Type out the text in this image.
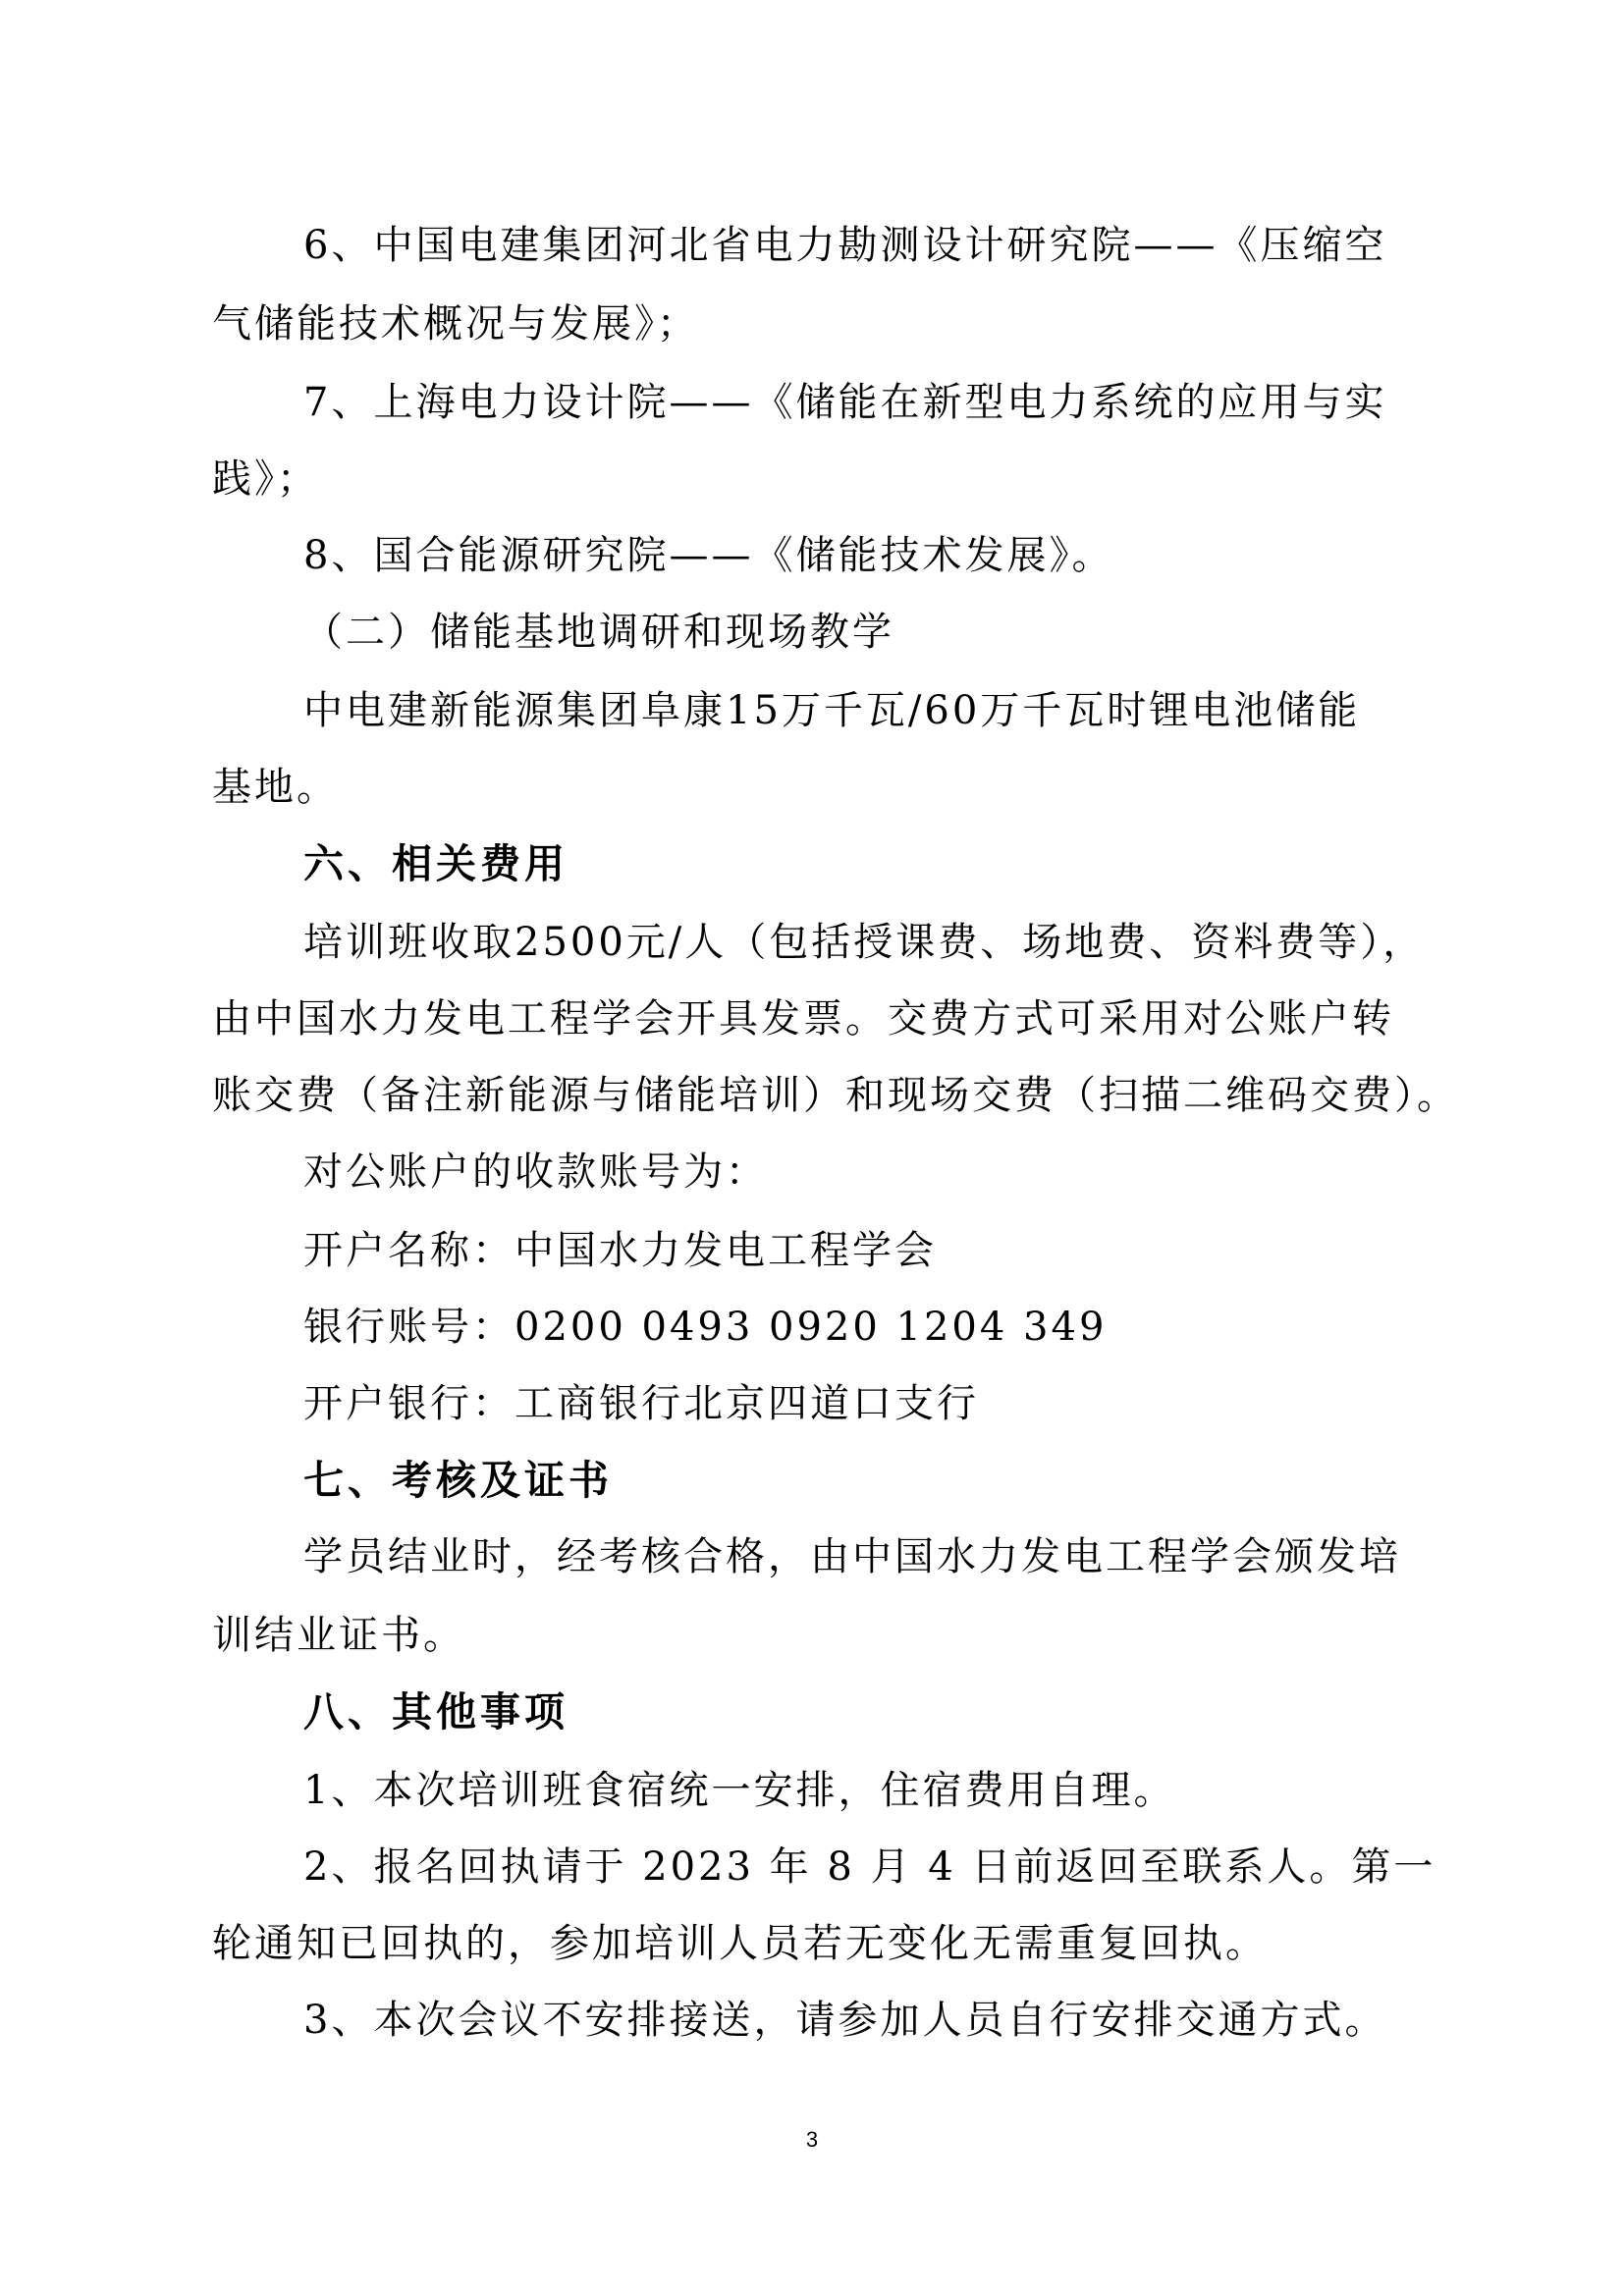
6、中国电建集团河北省电力勘测设计研究院——《压缩空
气储能技术概况与发展》；
7、上海电力设计院——《储能在新型电力系统的应用与实
践》；
8、国合能源研究院——《储能技术发展》。
（二）储能基地调研和现场教学
中电建新能源集团阜康15万千瓦/60万千瓦时锂电池储能
基地。
六、相关费用
培训班收取2500元/人（包括授课费、场地费、资料费等），
由中国水力发电工程学会开具发票。交费方式可采用对公账户转
账交费（备注新能源与储能培训）和现场交费（扫描二维码交费）。
对公账户的收款账号为：
开户名称：中国水力发电工程学会
银行账号：0200 0493 0920 1204 349
开户银行：工商银行北京四道口支行
七、考核及证书
学员结业时，经考核合格，由中国水力发电工程学会颁发培
训结业证书。
八、其他事项
1、本次培训班食宿统一安排，住宿费用自理。
2、报名回执请于 2023 年 8 月 4 日前返回至联系人。第一
轮通知已回执的，参加培训人员若无变化无需重复回执。
3、本次会议不安排接送，请参加人员自行安排交通方式。
3
